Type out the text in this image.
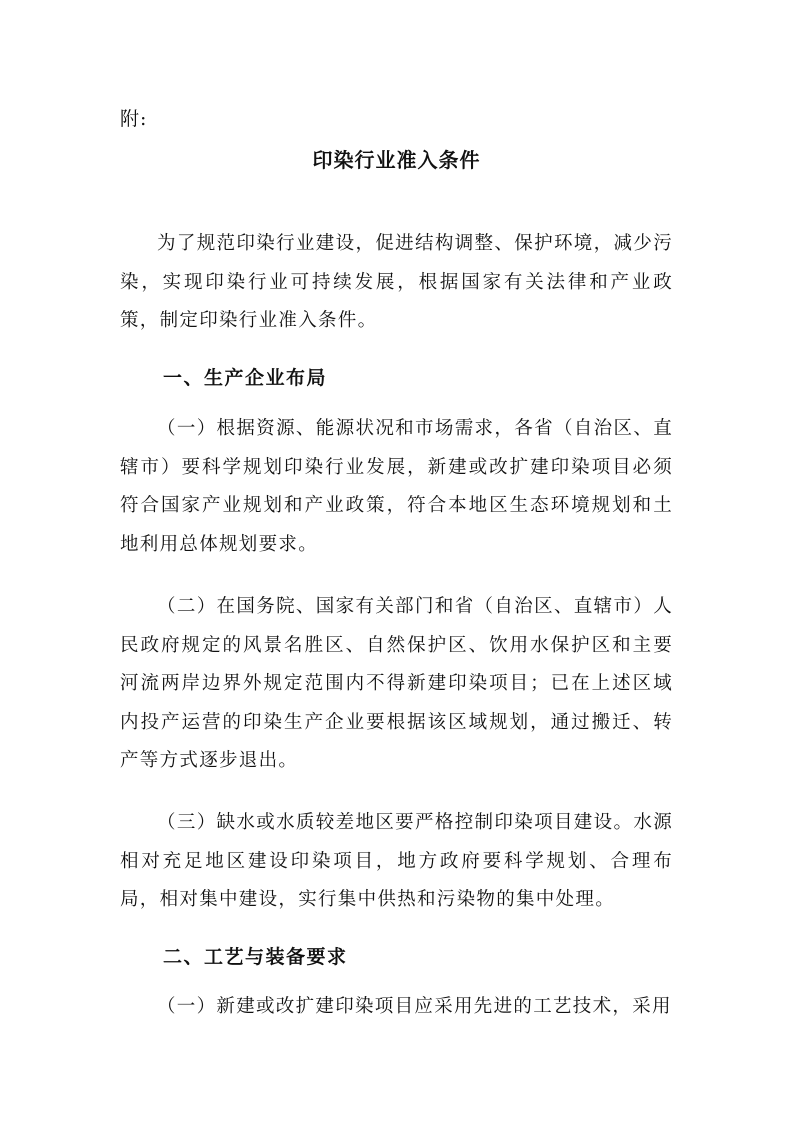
附:
印染行业准入条件

为了规范印染行业建设，促进结构调整、保护环境，减少污染，实现印染行业可持续发展，根据国家有关法律和产业政策，制定印染行业准入条件。

一、生产企业布局

（一）根据资源、能源状况和市场需求，各省（自治区、直辖市）要科学规划印染行业发展，新建或改扩建印染项目必须符合国家产业规划和产业政策，符合本地区生态环境规划和土地利用总体规划要求。

（二）在国务院、国家有关部门和省（自治区、直辖市）人民政府规定的风景名胜区、自然保护区、饮用水保护区和主要河流两岸边界外规定范围内不得新建印染项目；已在上述区域内投产运营的印染生产企业要根据该区域规划，通过搬迁、转产等方式逐步退出。

（三）缺水或水质较差地区要严格控制印染项目建设。水源相对充足地区建设印染项目，地方政府要科学规划、合理布局，相对集中建设，实行集中供热和污染物的集中处理。

二、工艺与装备要求

（一）新建或改扩建印染项目应采用先进的工艺技术，采用
